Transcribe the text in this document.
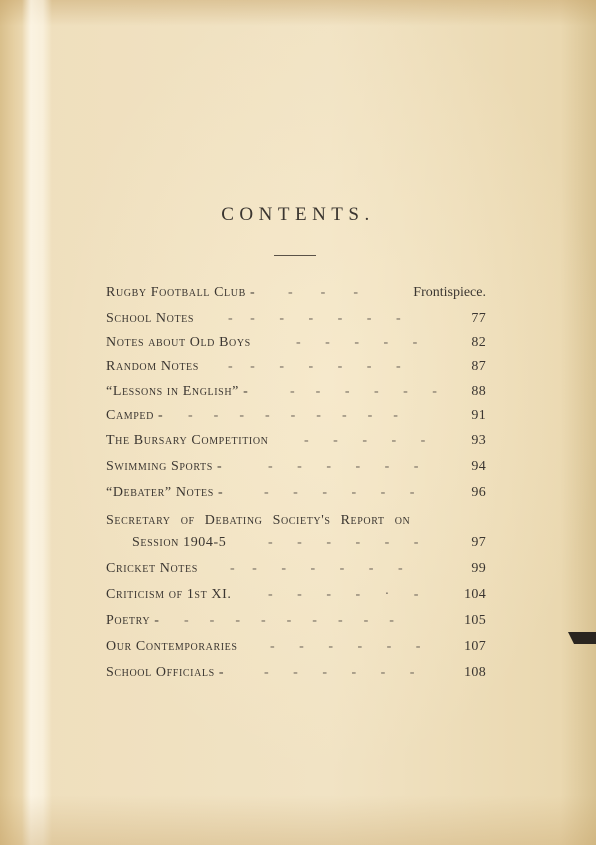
CONTENTS.
Rugby Football Club - -        -        -	Frontispiece.
School Notes -     -       -       -       -       -       -	77
Notes about Old Boys	-       -       -       -       -	82
Random Notes -     -       -       -       -       -       -	87
“Lessons in English” -	-      -       -       -       -       - 88
Camped - -      -      -      -      -      -      -      -      -	91
The Bursary Competition	-       -       -       -       -	93
Swimming Sports -	-       -       -       -       -       -	94
“Debater” Notes -	-       -       -       -       -       -	96
Secretary of Debating Society's Report on
Session 1904-5	-       -       -       -       -       -	97
Cricket Notes -     -       -       -       -       -       -	99
Criticism of 1st XI.	-       -       -       -       ·       -	104
Poetry - -      -      -      -      -      -      -      -      -	105
Our Contemporaries -       -       -       -       -       -	107
School Officials -	-       -       -       -       -       -	108
